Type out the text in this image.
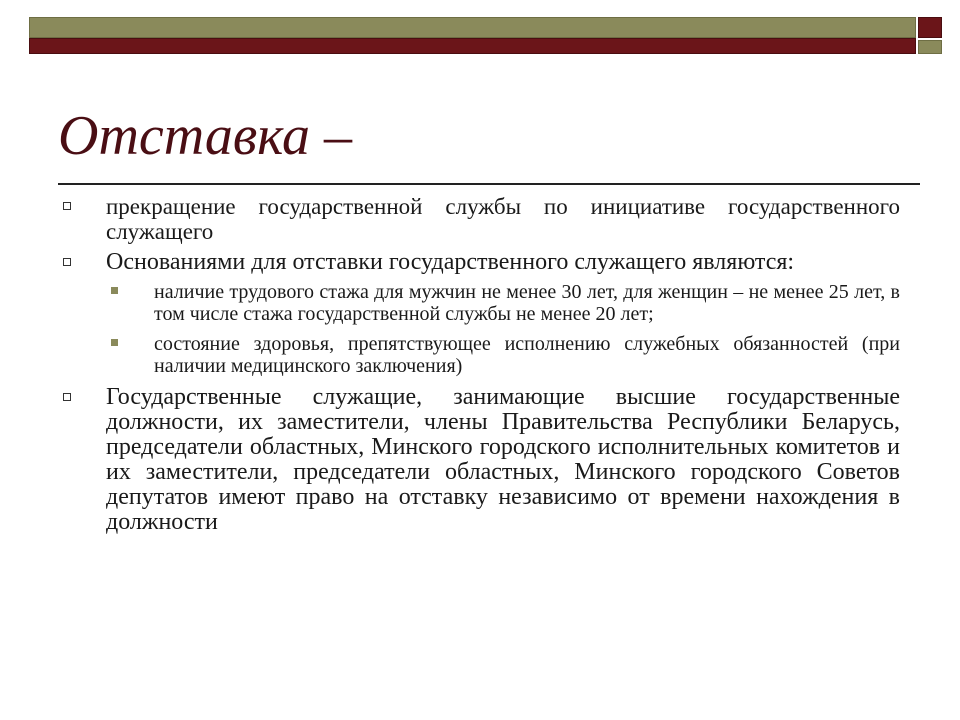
Отставка –
прекращение государственной службы по инициативе государственного служащего
Основаниями для отставки государственного служащего являются:
наличие трудового стажа для мужчин не менее 30 лет, для женщин – не менее 25 лет, в том числе стажа государственной службы не менее 20 лет;
состояние здоровья, препятствующее исполнению служебных обязанностей (при наличии медицинского заключения)
Государственные служащие, занимающие высшие государственные должности, их заместители, члены Правительства Республики Беларусь, председатели областных, Минского городского исполнительных комитетов и их заместители, председатели областных, Минского городского Советов депутатов имеют право на отставку независимо от времени нахождения в должности
